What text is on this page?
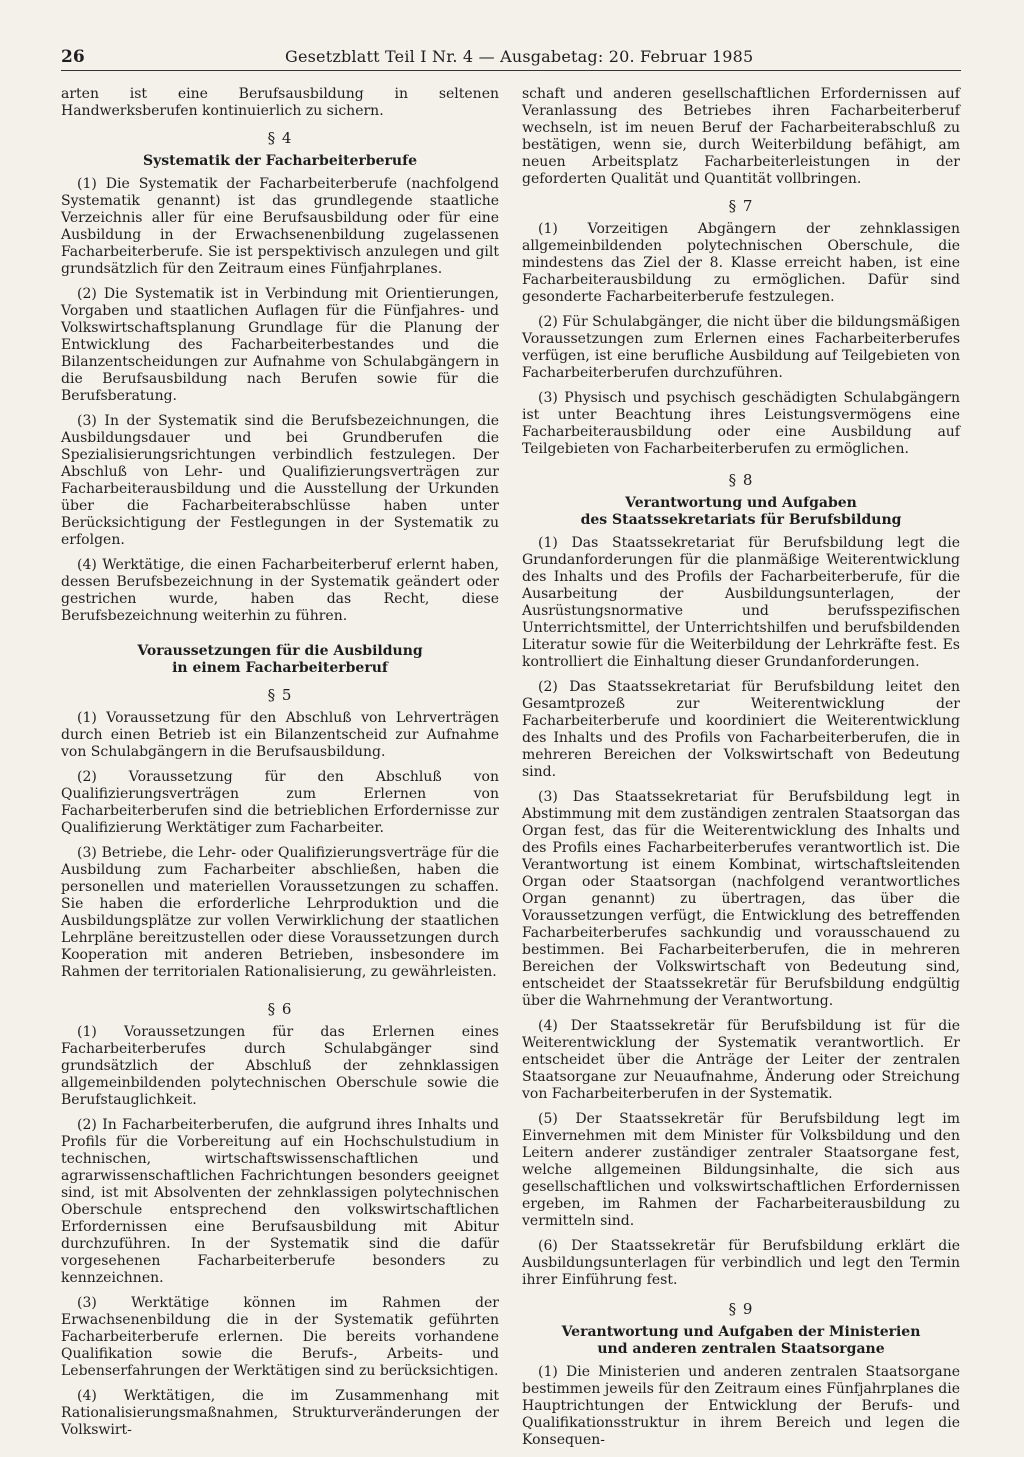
26	Gesetzblatt Teil I Nr. 4 — Ausgabetag: 20. Februar 1985

arten ist eine Berufsausbildung in seltenen Handwerksberufen kontinuierlich zu sichern.

§ 4
Systematik der Facharbeiterberufe

(1) Die Systematik der Facharbeiterberufe (nachfolgend Systematik genannt) ist das grundlegende staatliche Verzeichnis aller für eine Berufsausbildung oder für eine Ausbildung in der Erwachsenenbildung zugelassenen Facharbeiterberufe. Sie ist perspektivisch anzulegen und gilt grundsätzlich für den Zeitraum eines Fünfjahrplanes.

(2) Die Systematik ist in Verbindung mit Orientierungen, Vorgaben und staatlichen Auflagen für die Fünfjahres- und Volkswirtschaftsplanung Grundlage für die Planung der Entwicklung des Facharbeiterbestandes und die Bilanzentscheidungen zur Aufnahme von Schulabgängern in die Berufsausbildung nach Berufen sowie für die Berufsberatung.

(3) In der Systematik sind die Berufsbezeichnungen, die Ausbildungsdauer und bei Grundberufen die Spezialisierungsrichtungen verbindlich festzulegen. Der Abschluß von Lehr- und Qualifizierungsverträgen zur Facharbeiterausbildung und die Ausstellung der Urkunden über die Facharbeiterabschlüsse haben unter Berücksichtigung der Festlegungen in der Systematik zu erfolgen.

(4) Werktätige, die einen Facharbeiterberuf erlernt haben, dessen Berufsbezeichnung in der Systematik geändert oder gestrichen wurde, haben das Recht, diese Berufsbezeichnung weiterhin zu führen.

Voraussetzungen für die Ausbildung
in einem Facharbeiterberuf
§ 5

(1) Voraussetzung für den Abschluß von Lehrverträgen durch einen Betrieb ist ein Bilanzentscheid zur Aufnahme von Schulabgängern in die Berufsausbildung.

(2) Voraussetzung für den Abschluß von Qualifizierungsverträgen zum Erlernen von Facharbeiterberufen sind die betrieblichen Erfordernisse zur Qualifizierung Werktätiger zum Facharbeiter.

(3) Betriebe, die Lehr- oder Qualifizierungsverträge für die Ausbildung zum Facharbeiter abschließen, haben die personellen und materiellen Voraussetzungen zu schaffen. Sie haben die erforderliche Lehrproduktion und die Ausbildungsplätze zur vollen Verwirklichung der staatlichen Lehrpläne bereitzustellen oder diese Voraussetzungen durch Kooperation mit anderen Betrieben, insbesondere im Rahmen der territorialen Rationalisierung, zu gewährleisten.

§ 6

(1) Voraussetzungen für das Erlernen eines Facharbeiterberufes durch Schulabgänger sind grundsätzlich der Abschluß der zehnklassigen allgemeinbildenden polytechnischen Oberschule sowie die Berufstauglichkeit.

(2) In Facharbeiterberufen, die aufgrund ihres Inhalts und Profils für die Vorbereitung auf ein Hochschulstudium in technischen, wirtschaftswissenschaftlichen und agrarwissenschaftlichen Fachrichtungen besonders geeignet sind, ist mit Absolventen der zehnklassigen polytechnischen Oberschule entsprechend den volkswirtschaftlichen Erfordernissen eine Berufsausbildung mit Abitur durchzuführen. In der Systematik sind die dafür vorgesehenen Facharbeiterberufe besonders zu kennzeichnen.

(3) Werktätige können im Rahmen der Erwachsenenbildung die in der Systematik geführten Facharbeiterberufe erlernen. Die bereits vorhandene Qualifikation sowie die Berufs-, Arbeits- und Lebenserfahrungen der Werktätigen sind zu berücksichtigen.

(4) Werktätigen, die im Zusammenhang mit Rationalisierungsmaßnahmen, Strukturveränderungen der Volkswirt-

schaft und anderen gesellschaftlichen Erfordernissen auf Veranlassung des Betriebes ihren Facharbeiterberuf wechseln, ist im neuen Beruf der Facharbeiterabschluß zu bestätigen, wenn sie, durch Weiterbildung befähigt, am neuen Arbeitsplatz Facharbeiterleistungen in der geforderten Qualität und Quantität vollbringen.

§ 7

(1) Vorzeitigen Abgängern der zehnklassigen allgemeinbildenden polytechnischen Oberschule, die mindestens das Ziel der 8. Klasse erreicht haben, ist eine Facharbeiterausbildung zu ermöglichen. Dafür sind gesonderte Facharbeiterberufe festzulegen.

(2) Für Schulabgänger, die nicht über die bildungsmäßigen Voraussetzungen zum Erlernen eines Facharbeiterberufes verfügen, ist eine berufliche Ausbildung auf Teilgebieten von Facharbeiterberufen durchzuführen.

(3) Physisch und psychisch geschädigten Schulabgängern ist unter Beachtung ihres Leistungsvermögens eine Facharbeiterausbildung oder eine Ausbildung auf Teilgebieten von Facharbeiterberufen zu ermöglichen.

§ 8
Verantwortung und Aufgaben
des Staatssekretariats für Berufsbildung

(1) Das Staatssekretariat für Berufsbildung legt die Grundanforderungen für die planmäßige Weiterentwicklung des Inhalts und des Profils der Facharbeiterberufe, für die Ausarbeitung der Ausbildungsunterlagen, der Ausrüstungsnormative und berufsspezifischen Unterrichtsmittel, der Unterrichtshilfen und berufsbildenden Literatur sowie für die Weiterbildung der Lehrkräfte fest. Es kontrolliert die Einhaltung dieser Grundanforderungen.

(2) Das Staatssekretariat für Berufsbildung leitet den Gesamtprozeß zur Weiterentwicklung der Facharbeiterberufe und koordiniert die Weiterentwicklung des Inhalts und des Profils von Facharbeiterberufen, die in mehreren Bereichen der Volkswirtschaft von Bedeutung sind.

(3) Das Staatssekretariat für Berufsbildung legt in Abstimmung mit dem zuständigen zentralen Staatsorgan das Organ fest, das für die Weiterentwicklung des Inhalts und des Profils eines Facharbeiterberufes verantwortlich ist. Die Verantwortung ist einem Kombinat, wirtschaftsleitenden Organ oder Staatsorgan (nachfolgend verantwortliches Organ genannt) zu übertragen, das über die Voraussetzungen verfügt, die Entwicklung des betreffenden Facharbeiterberufes sachkundig und vorausschauend zu bestimmen. Bei Facharbeiterberufen, die in mehreren Bereichen der Volkswirtschaft von Bedeutung sind, entscheidet der Staatssekretär für Berufsbildung endgültig über die Wahrnehmung der Verantwortung.

(4) Der Staatssekretär für Berufsbildung ist für die Weiterentwicklung der Systematik verantwortlich. Er entscheidet über die Anträge der Leiter der zentralen Staatsorgane zur Neuaufnahme, Änderung oder Streichung von Facharbeiterberufen in der Systematik.

(5) Der Staatssekretär für Berufsbildung legt im Einvernehmen mit dem Minister für Volksbildung und den Leitern anderer zuständiger zentraler Staatsorgane fest, welche allgemeinen Bildungsinhalte, die sich aus gesellschaftlichen und volkswirtschaftlichen Erfordernissen ergeben, im Rahmen der Facharbeiterausbildung zu vermitteln sind.

(6) Der Staatssekretär für Berufsbildung erklärt die Ausbildungsunterlagen für verbindlich und legt den Termin ihrer Einführung fest.

§ 9
Verantwortung und Aufgaben der Ministerien
und anderen zentralen Staatsorgane

(1) Die Ministerien und anderen zentralen Staatsorgane bestimmen jeweils für den Zeitraum eines Fünfjahrplanes die Hauptrichtungen der Entwicklung der Berufs- und Qualifikationsstruktur in ihrem Bereich und legen die Konsequen-
